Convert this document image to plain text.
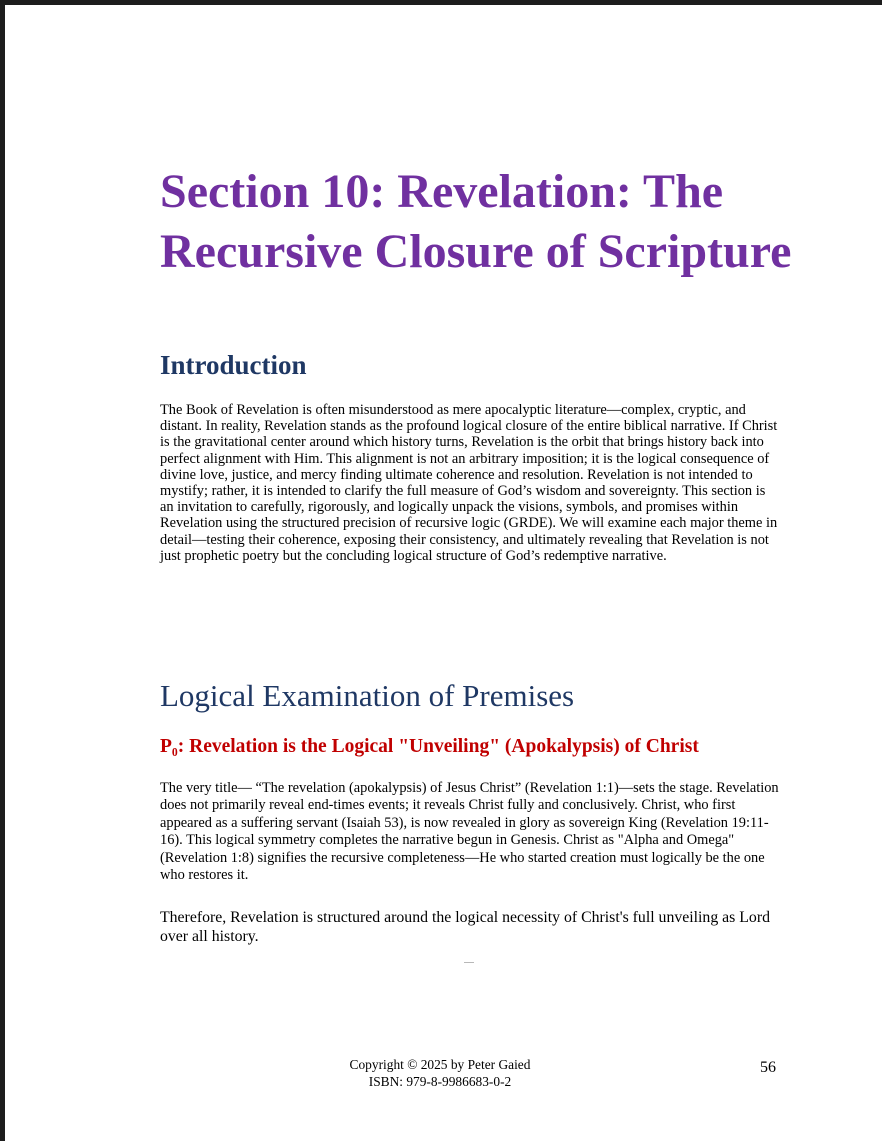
Section 10: Revelation: The Recursive Closure of Scripture
Introduction

The Book of Revelation is often misunderstood as mere apocalyptic literature—complex, cryptic, and distant. In reality, Revelation stands as the profound logical closure of the entire biblical narrative. If Christ is the gravitational center around which history turns, Revelation is the orbit that brings history back into perfect alignment with Him. This alignment is not an arbitrary imposition; it is the logical consequence of divine love, justice, and mercy finding ultimate coherence and resolution. Revelation is not intended to mystify; rather, it is intended to clarify the full measure of God’s wisdom and sovereignty. This section is an invitation to carefully, rigorously, and logically unpack the visions, symbols, and promises within Revelation using the structured precision of recursive logic (GRDE). We will examine each major theme in detail—testing their coherence, exposing their consistency, and ultimately revealing that Revelation is not just prophetic poetry but the concluding logical structure of God’s redemptive narrative.

Logical Examination of Premises
P₀: Revelation is the Logical "Unveiling" (Apokalypsis) of Christ

The very title— “The revelation (apokalypsis) of Jesus Christ” (Revelation 1:1)—sets the stage. Revelation does not primarily reveal end-times events; it reveals Christ fully and conclusively. Christ, who first appeared as a suffering servant (Isaiah 53), is now revealed in glory as sovereign King (Revelation 19:11-16). This logical symmetry completes the narrative begun in Genesis. Christ as "Alpha and Omega" (Revelation 1:8) signifies the recursive completeness—He who started creation must logically be the one who restores it.

Therefore, Revelation is structured around the logical necessity of Christ's full unveiling as Lord over all history.

Copyright © 2025 by Peter Gaied
ISBN: 979-8-9986683-0-2
56
